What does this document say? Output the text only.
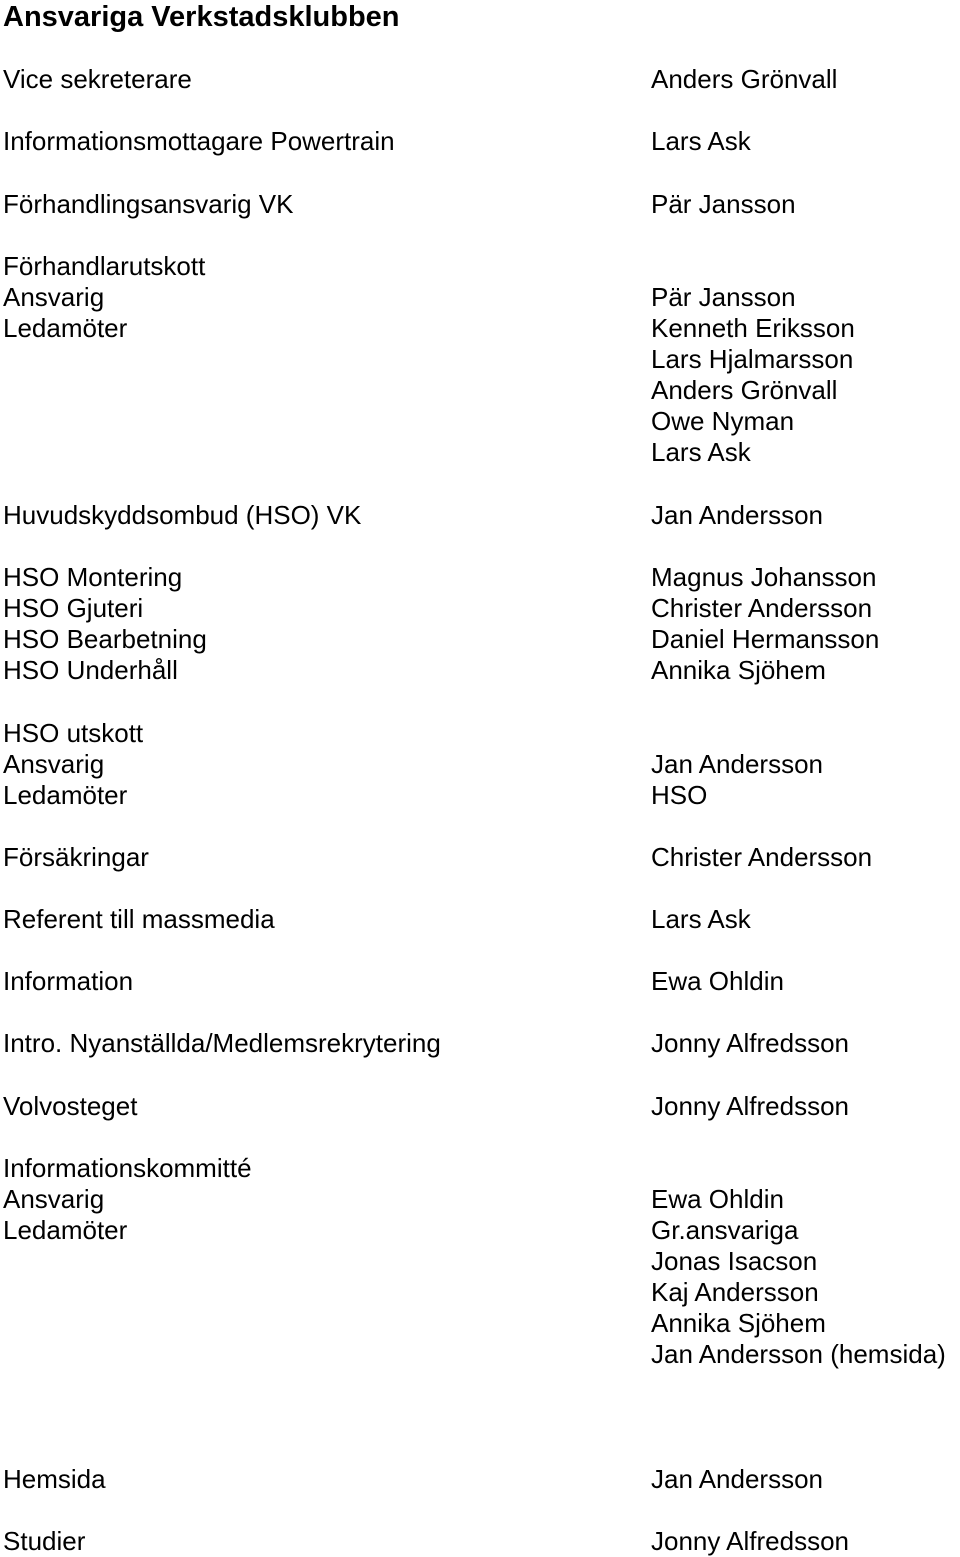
Ansvariga Verkstadsklubben
Vice sekreterare
Informationsmottagare Powertrain
Förhandlingsansvarig VK
Förhandlarutskott
Ansvarig
Ledamöter
Huvudskyddsombud (HSO) VK
HSO Montering
HSO Gjuteri
HSO Bearbetning
HSO Underhåll
HSO utskott
Ansvarig
Ledamöter
Försäkringar
Referent till massmedia
Information
Intro. Nyanställda/Medlemsrekrytering
Volvosteget
Informationskommitté
Ansvarig
Ledamöter
Hemsida
Studier
Anders Grönvall
Lars Ask
Pär Jansson
Pär Jansson
Kenneth Eriksson
Lars Hjalmarsson
Anders Grönvall
Owe Nyman
Lars Ask
Jan Andersson
Magnus Johansson
Christer Andersson
Daniel Hermansson
Annika Sjöhem
Jan Andersson
HSO
Christer Andersson
Lars Ask
Ewa Ohldin
Jonny Alfredsson
Jonny Alfredsson
Ewa Ohldin
Gr.ansvariga
Jonas Isacson
Kaj Andersson
Annika Sjöhem
Jan Andersson (hemsida)
Jan Andersson
Jonny Alfredsson
